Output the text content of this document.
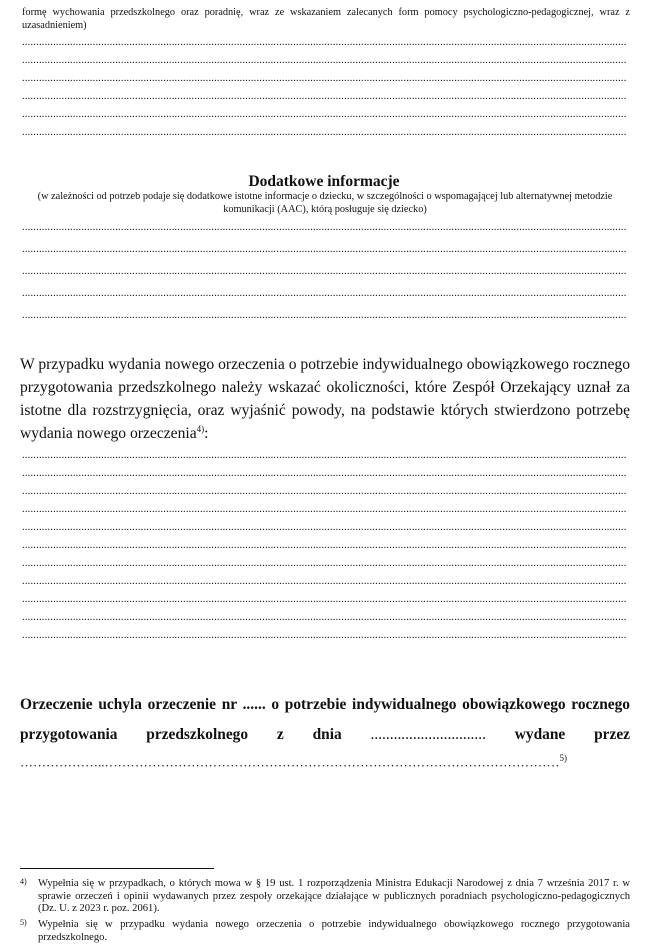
formę wychowania przedszkolnego oraz poradnię, wraz ze wskazaniem zalecanych form pomocy psychologiczno-pedagogicznej, wraz z uzasadnieniem)
.....
.....
.....
.....
.....
.....
Dodatkowe informacje
(w zależności od potrzeb podaje się dodatkowe istotne informacje o dziecku, w szczególności o wspomagającej lub alternatywnej metodzie komunikacji (AAC), którą posługuje się dziecko)
.....
.....
.....
.....
.....
W przypadku wydania nowego orzeczenia o potrzebie indywidualnego obowiązkowego rocznego przygotowania przedszkolnego należy wskazać okoliczności, które Zespół Orzekający uznał za istotne dla rozstrzygnięcia, oraz wyjaśnić powody, na podstawie których stwierdzono potrzebę wydania nowego orzeczenia$^{4)}$:
.....
.....
.....
.....
.....
.....
.....
.....
.....
.....
.....
Orzeczenie uchyla orzeczenie nr ...... o potrzebie indywidualnego obowiązkowego rocznego przygotowania przedszkolnego z dnia .............................. wydane przez
………………..……………………………………………………………………………………………$^{5)}$
4) Wypełnia się w przypadkach, o których mowa w § 19 ust. 1 rozporządzenia Ministra Edukacji Narodowej z dnia 7 września 2017 r. w sprawie orzeczeń i opinii wydawanych przez zespoły orzekające działające w publicznych poradniach psychologiczno-pedagogicznych (Dz. U. z 2023 r. poz. 2061).
5) Wypełnia się w przypadku wydania nowego orzeczenia o potrzebie indywidualnego obowiązkowego rocznego przygotowania przedszkolnego.
